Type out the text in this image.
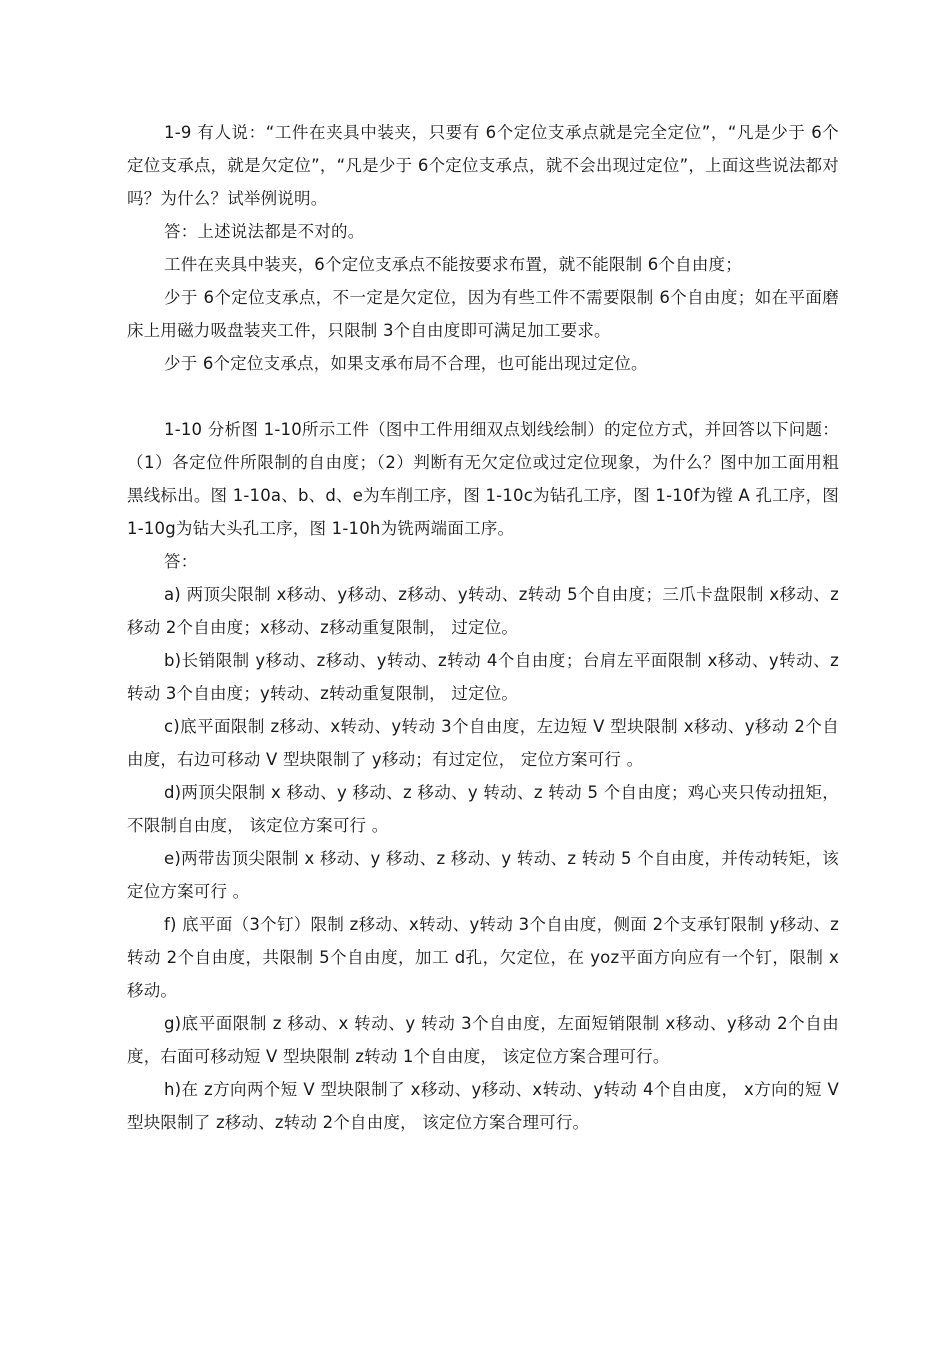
1-9 有人说：“工件在夹具中装夹，只要有 6个定位支承点就是完全定位”，“凡是少于 6个定位支承点，就是欠定位”，“凡是少于 6个定位支承点，就不会出现过定位”，上面这些说法都对吗？为什么？试举例说明。

答：上述说法都是不对的。

工件在夹具中装夹，6个定位支承点不能按要求布置，就不能限制 6个自由度；

少于 6个定位支承点，不一定是欠定位，因为有些工件不需要限制 6个自由度；如在平面磨床上用磁力吸盘装夹工件，只限制 3个自由度即可满足加工要求。

少于 6个定位支承点，如果支承布局不合理，也可能出现过定位。

1-10 分析图 1-10所示工件（图中工件用细双点划线绘制）的定位方式，并回答以下问题：（1）各定位件所限制的自由度；（2）判断有无欠定位或过定位现象，为什么？图中加工面用粗黑线标出。图 1-10a、b、d、e为车削工序，图 1-10c为钻孔工序，图 1-10f为镗 A 孔工序，图 1-10g为钻大头孔工序，图 1-10h为铣两端面工序。

答：

a) 两顶尖限制 x移动、y移动、z移动、y转动、z转动 5个自由度；三爪卡盘限制 x移动、z移动 2个自由度；x移动、z移动重复限制， 过定位。

b)长销限制 y移动、z移动、y转动、z转动 4个自由度；台肩左平面限制 x移动、y转动、z转动 3个自由度；y转动、z转动重复限制， 过定位。

c)底平面限制 z移动、x转动、y转动 3个自由度，左边短 V 型块限制 x移动、y移动 2个自由度，右边可移动 V 型块限制了 y移动；有过定位， 定位方案可行 。

d)两顶尖限制 x 移动、y 移动、z 移动、y 转动、z 转动 5 个自由度；鸡心夹只传动扭矩，不限制自由度， 该定位方案可行 。

e)两带齿顶尖限制 x 移动、y 移动、z 移动、y 转动、z 转动 5 个自由度，并传动转矩，该定位方案可行 。

f) 底平面（3个钉）限制 z移动、x转动、y转动 3个自由度，侧面 2个支承钉限制 y移动、z转动 2个自由度，共限制 5个自由度，加工 d孔，欠定位，在 yoz平面方向应有一个钉，限制 x移动。

g)底平面限制 z 移动、x 转动、y 转动 3个自由度，左面短销限制 x移动、y移动 2个自由度，右面可移动短 V 型块限制 z转动 1个自由度， 该定位方案合理可行。

h)在 z方向两个短 V 型块限制了 x移动、y移动、x转动、y转动 4个自由度， x方向的短 V 型块限制了 z移动、z转动 2个自由度， 该定位方案合理可行。
